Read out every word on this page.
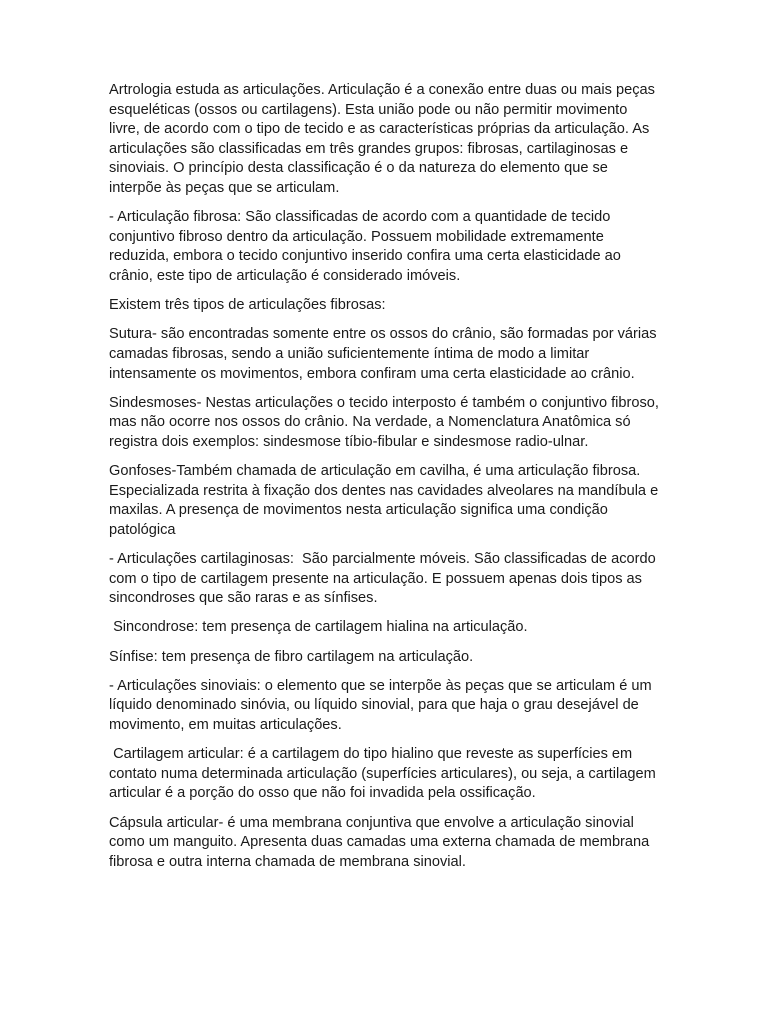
Artrologia estuda as articulações. Articulação é a conexão entre duas ou mais peças esqueléticas (ossos ou cartilagens). Esta união pode ou não permitir movimento livre, de acordo com o tipo de tecido e as características próprias da articulação. As articulações são classificadas em três grandes grupos: fibrosas, cartilaginosas e sinoviais. O princípio desta classificação é o da natureza do elemento que se interpõe às peças que se articulam.

- Articulação fibrosa: São classificadas de acordo com a quantidade de tecido conjuntivo fibroso dentro da articulação. Possuem mobilidade extremamente reduzida, embora o tecido conjuntivo inserido confira uma certa elasticidade ao crânio, este tipo de articulação é considerado imóveis.

Existem três tipos de articulações fibrosas:

Sutura- são encontradas somente entre os ossos do crânio, são formadas por várias camadas fibrosas, sendo a união suficientemente íntima de modo a limitar intensamente os movimentos, embora confiram uma certa elasticidade ao crânio.

Sindesmoses- Nestas articulações o tecido interposto é também o conjuntivo fibroso, mas não ocorre nos ossos do crânio. Na verdade, a Nomenclatura Anatômica só registra dois exemplos: sindesmose tíbio-fibular e sindesmose radio-ulnar.

Gonfoses-Também chamada de articulação em cavilha, é uma articulação fibrosa. Especializada restrita à fixação dos dentes nas cavidades alveolares na mandíbula e maxilas. A presença de movimentos nesta articulação significa uma condição patológica

- Articulações cartilaginosas:  São parcialmente móveis. São classificadas de acordo com o tipo de cartilagem presente na articulação. E possuem apenas dois tipos as sincondroses que são raras e as sínfises.

Sincondrose: tem presença de cartilagem hialina na articulação.

Sínfise: tem presença de fibro cartilagem na articulação.

- Articulações sinoviais: o elemento que se interpõe às peças que se articulam é um líquido denominado sinóvia, ou líquido sinovial, para que haja o grau desejável de movimento, em muitas articulações.

Cartilagem articular: é a cartilagem do tipo hialino que reveste as superfícies em contato numa determinada articulação (superfícies articulares), ou seja, a cartilagem articular é a porção do osso que não foi invadida pela ossificação.

Cápsula articular- é uma membrana conjuntiva que envolve a articulação sinovial como um manguito. Apresenta duas camadas uma externa chamada de membrana fibrosa e outra interna chamada de membrana sinovial.
